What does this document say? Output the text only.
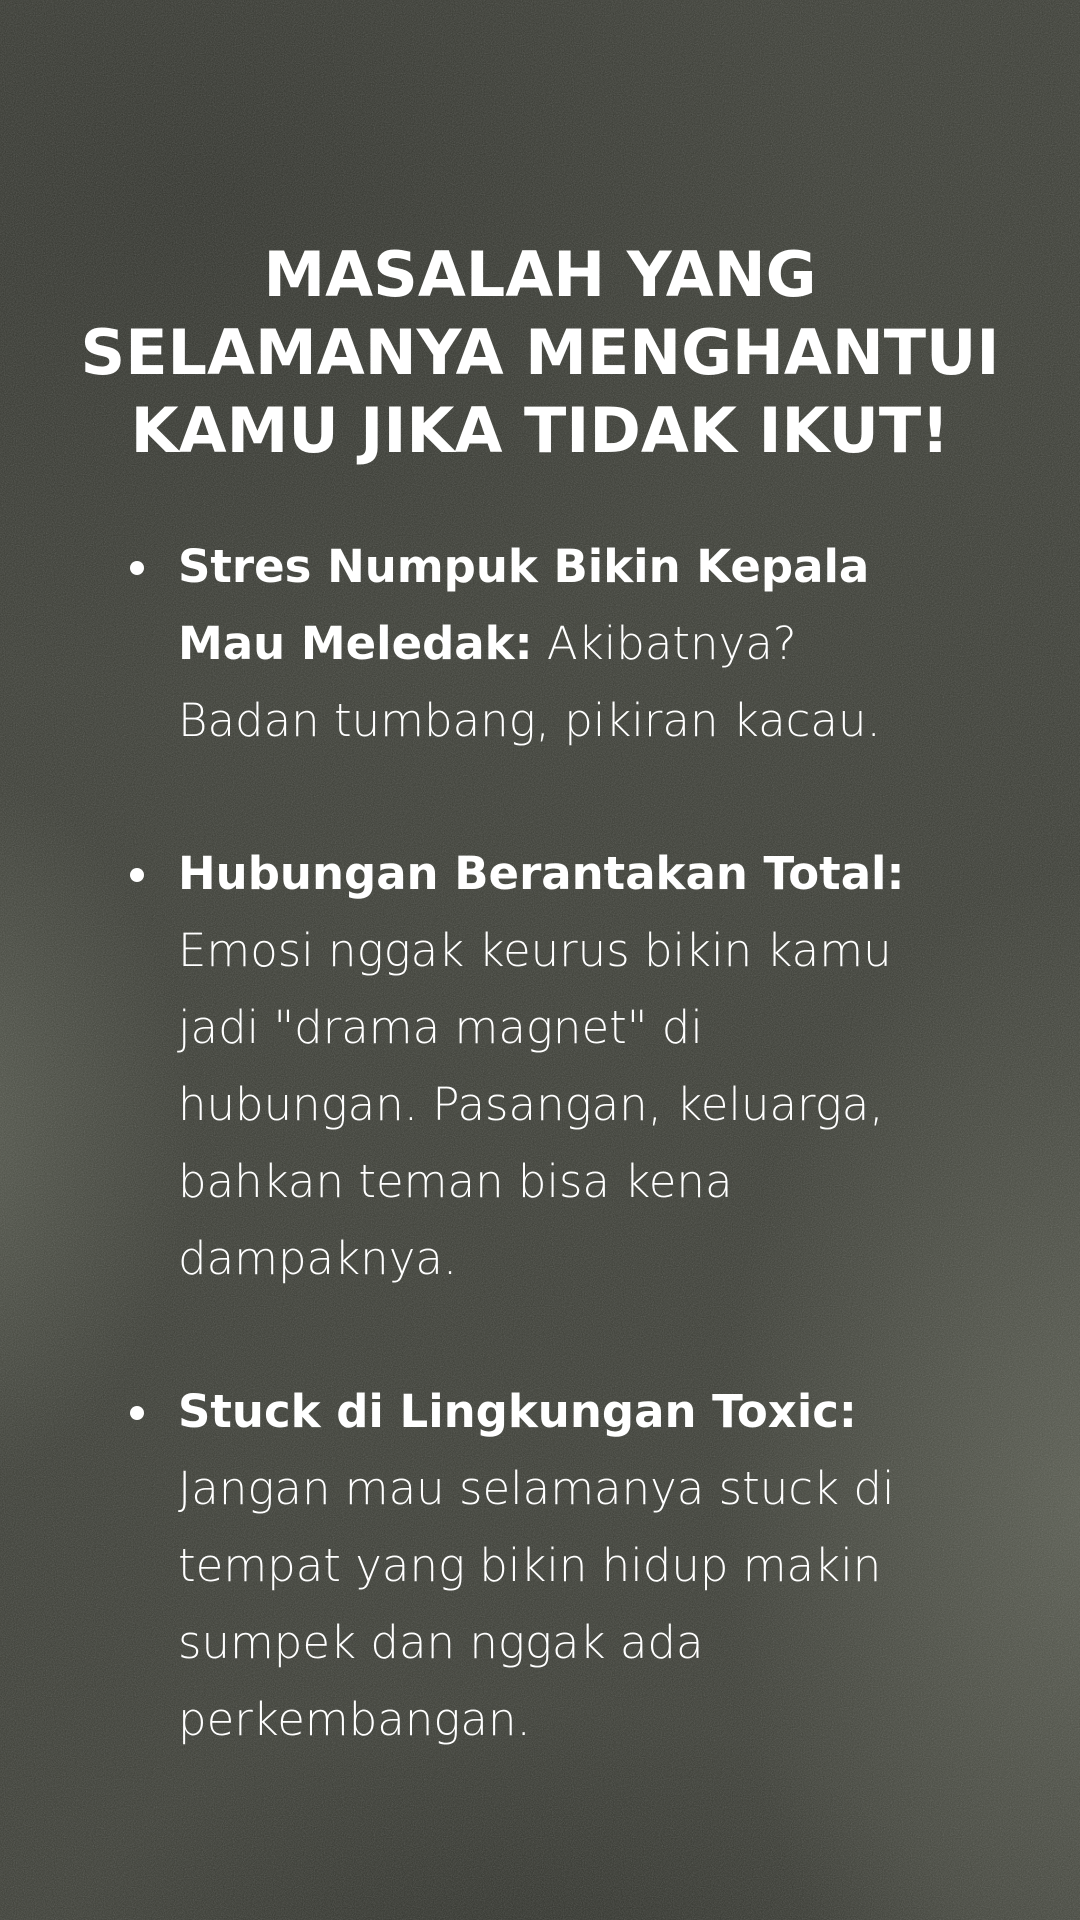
MASALAH YANG
SELAMANYA MENGHANTUI
KAMU JIKA TIDAK IKUT!
Stres Numpuk Bikin Kepala
Mau Meledak: Akibatnya?
Badan tumbang, pikiran kacau.
Hubungan Berantakan Total:
Emosi nggak keurus bikin kamu
jadi "drama magnet" di
hubungan. Pasangan, keluarga,
bahkan teman bisa kena
dampaknya.
Stuck di Lingkungan Toxic:
Jangan mau selamanya stuck di
tempat yang bikin hidup makin
sumpek dan nggak ada
perkembangan.
